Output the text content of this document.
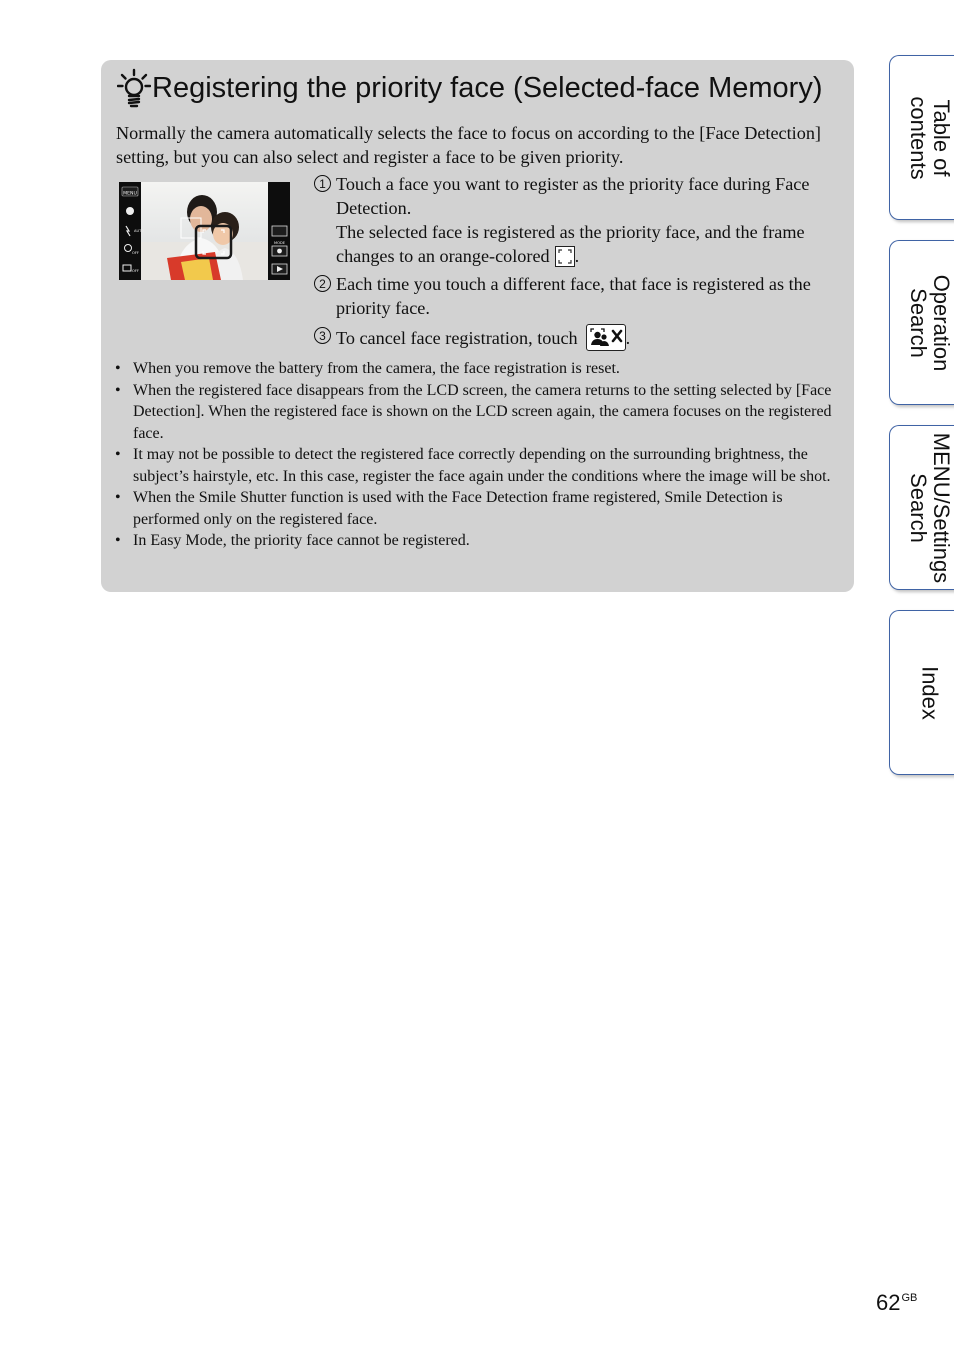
Registering the priority face (Selected-face Memory)
Normally the camera automatically selects the face to focus on according to the [Face Detection] setting, but you can also select and register a face to be given priority.
MENU
AUTO
OFF
OFF
MODE
1 Touch a face you want to register as the priority face during Face Detection.
The selected face is registered as the priority face, and the frame changes to an orange-colored .
2 Each time you touch a different face, that face is registered as the priority face.
3 To cancel face registration, touch	.
• When you remove the battery from the camera, the face registration is reset.
• When the registered face disappears from the LCD screen, the camera returns to the setting selected by [Face Detection]. When the registered face is shown on the LCD screen again, the camera focuses on the registered face.
• It may not be possible to detect the registered face correctly depending on the surrounding brightness, the subject’s hairstyle, etc. In this case, register the face again under the conditions where the image will be shot.
• When the Smile Shutter function is used with the Face Detection frame registered, Smile Detection is performed only on the registered face.
• In Easy Mode, the priority face cannot be registered.
Table of
contents
Operation
Search
MENU/Settings
Search
Index
$62^{GB}$
